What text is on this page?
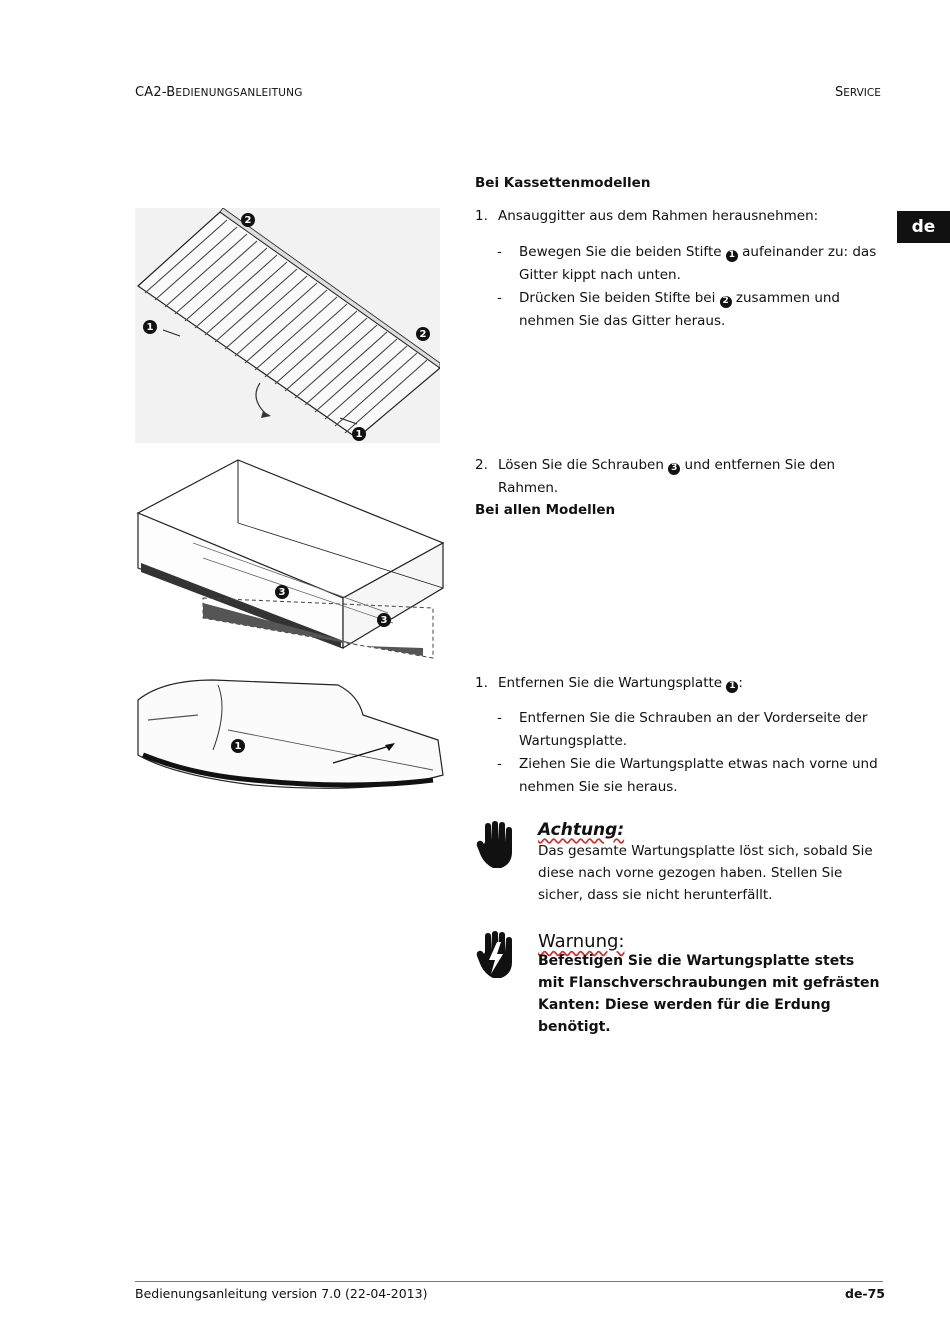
CA2-BEDIENUNGSANLEITUNG	SERVICE
de
2
1
2
1
3
3
1
Bei Kassettenmodellen
1. Ansauggitter aus dem Rahmen herausnehmen:
-	Bewegen Sie die beiden Stifte 1 aufeinander zu: das Gitter kippt nach unten.
-	Drücken Sie beiden Stifte bei 2 zusammen und nehmen Sie das Gitter heraus.
2. Lösen Sie die Schrauben 3 und entfernen Sie den Rahmen.
Bei allen Modellen
1. Entfernen Sie die Wartungsplatte 1 :
-	Entfernen Sie die Schrauben an der Vorderseite der Wartungsplatte.
-	Ziehen Sie die Wartungsplatte etwas nach vorne und nehmen Sie sie heraus.
Achtung:
Das gesamte Wartungsplatte löst sich, sobald Sie diese nach vorne gezogen haben. Stellen Sie sicher, dass sie nicht herunterfällt.
Warnung:
Befestigen Sie die Wartungsplatte stets mit Flanschverschraubungen mit gefrästen Kanten: Diese werden für die Erdung benötigt.
Bedienungsanleitung version 7.0 (22-04-2013)	de-75
